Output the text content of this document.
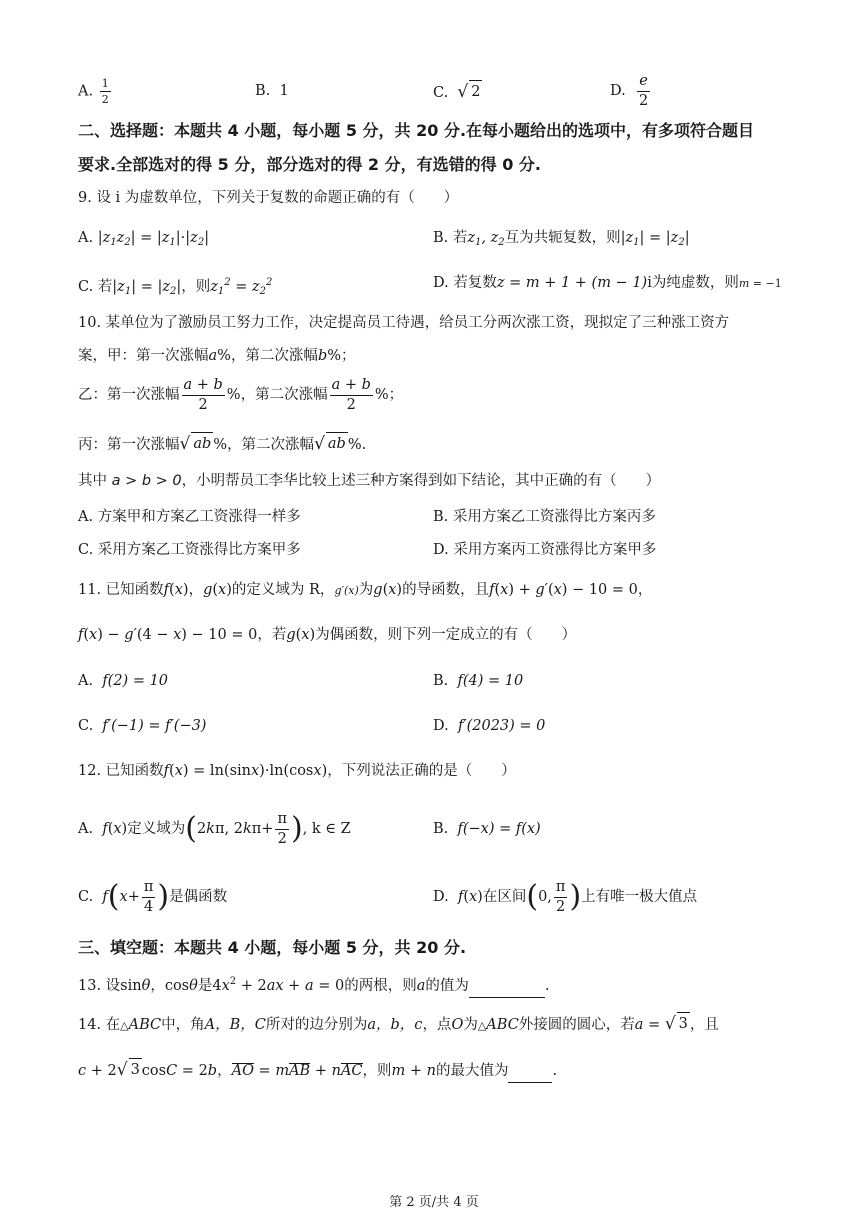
A. $\frac{1}{2}$	B. 1	C. √ 2	D. $\frac{e}{2}$
二、选择题：本题共 4 小题，每小题 5 分，共 20 分.在每小题给出的选项中，有多项符合题目
要求.全部选对的得 5 分，部分选对的得 2 分，有选错的得 0 分.
9. 设 i 为虚数单位，下列关于复数的命题正确的有（　　）
A. $|z_1z_2| = |z_1|\cdot|z_2|$	B. 若$z_1$, $z_2$互为共轭复数，则$|z_1| = |z_2|$
C. 若$|z_1| = |z_2|$，则$z_1^2 = z_2^2$	D. 若复数z = m + 1 + (m − 1)i为纯虚数，则m = −1
10. 某单位为了激励员工努力工作，决定提高员工待遇，给员工分两次涨工资，现拟定了三种涨工资方
案，甲：第一次涨幅a%，第二次涨幅b%；
乙：第一次涨幅 $\frac{a + b}{2}$ %，第二次涨幅 $\frac{a + b}{2}$ %；
丙：第一次涨幅 √ ab %，第二次涨幅 √ ab %.
其中 a > b > 0，小明帮员工李华比较上述三种方案得到如下结论，其中正确的有（　　）
A. 方案甲和方案乙工资涨得一样多	B. 采用方案乙工资涨得比方案丙多
C. 采用方案乙工资涨得比方案甲多	D. 采用方案丙工资涨得比方案甲多
11. 已知函数f(x)，g(x)的定义域为 R，g′(x)为g(x)的导函数，且f(x) + g′(x) − 10 = 0，
f(x) − g′(4 − x) − 10 = 0，若g(x)为偶函数，则下列一定成立的有（　　）
A. f(2) = 10	B. f(4) = 10
C. f′(−1) = f′(−3)	D. f′(2023) = 0
12. 已知函数f(x) = ln(sinx)·ln(cosx)，下列说法正确的是（　　）
A. f(x)定义域为(2kπ, $2k\pi+ \frac{\pi}{2}$ ), k ∈ Z	B. f(−x) = f(x)
C. $f(x+ \frac{\pi}{4}$ )是偶函数	D. f(x)在区间(0, $\frac{\pi}{2}$ )上有唯一极大值点
三、填空题：本题共 4 小题，每小题 5 分，共 20 分.
13. 设sinθ，cosθ是$4x^2 + 2ax + a = 0$的两根，则a的值为	.
14. 在△ABC中，角A，B，C所对的边分别为a，b，c，点O为△ABC外接圆的圆心，若a = √ 3 ，且
c + 2 √ 3 cosC = 2b，AO = mAB + nAC，则m + n的最大值为	.
第 2 页/共 4 页
